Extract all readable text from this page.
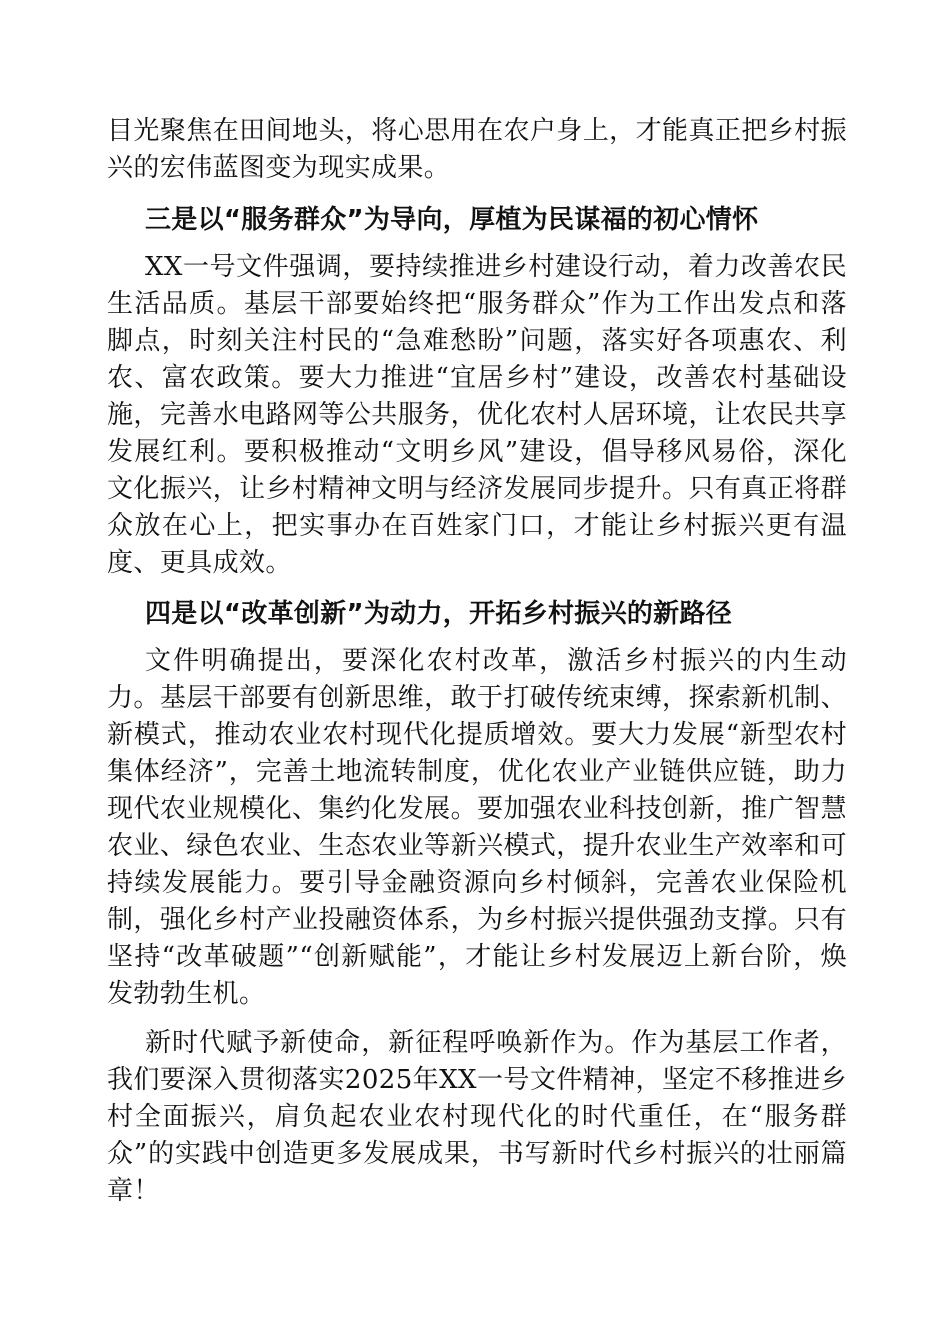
目光聚焦在田间地头，将心思用在农户身上，才能真正把乡村振兴的宏伟蓝图变为现实成果。

三是以“服务群众”为导向，厚植为民谋福的初心情怀

XX一号文件强调，要持续推进乡村建设行动，着力改善农民生活品质。基层干部要始终把“服务群众”作为工作出发点和落脚点，时刻关注村民的“急难愁盼”问题，落实好各项惠农、利农、富农政策。要大力推进“宜居乡村”建设，改善农村基础设施，完善水电路网等公共服务，优化农村人居环境，让农民共享发展红利。要积极推动“文明乡风”建设，倡导移风易俗，深化文化振兴，让乡村精神文明与经济发展同步提升。只有真正将群众放在心上，把实事办在百姓家门口，才能让乡村振兴更有温度、更具成效。

四是以“改革创新”为动力，开拓乡村振兴的新路径

文件明确提出，要深化农村改革，激活乡村振兴的内生动力。基层干部要有创新思维，敢于打破传统束缚，探索新机制、新模式，推动农业农村现代化提质增效。要大力发展“新型农村集体经济”，完善土地流转制度，优化农业产业链供应链，助力现代农业规模化、集约化发展。要加强农业科技创新，推广智慧农业、绿色农业、生态农业等新兴模式，提升农业生产效率和可持续发展能力。要引导金融资源向乡村倾斜，完善农业保险机制，强化乡村产业投融资体系，为乡村振兴提供强劲支撑。只有坚持“改革破题”“创新赋能”，才能让乡村发展迈上新台阶，焕发勃勃生机。

新时代赋予新使命，新征程呼唤新作为。作为基层工作者，我们要深入贯彻落实2025年XX一号文件精神，坚定不移推进乡村全面振兴，肩负起农业农村现代化的时代重任，在“服务群众”的实践中创造更多发展成果，书写新时代乡村振兴的壮丽篇章！
